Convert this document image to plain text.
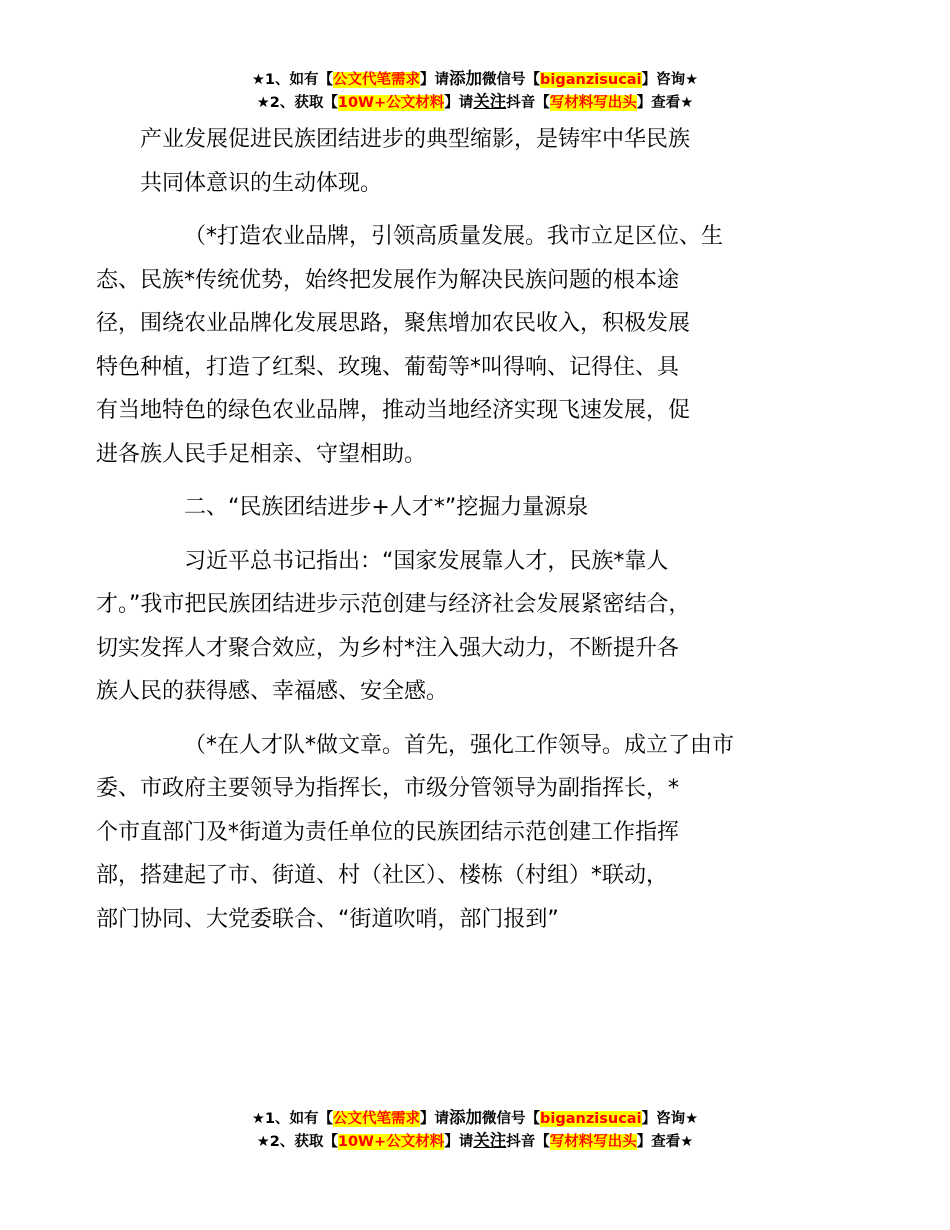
★1、如有【公文代笔需求】请添加微信号【biganzisucai】咨询★
★2、获取【10W+公文材料】请关注抖音【写材料写出头】查看★

产业发展促进民族团结进步的典型缩影，是铸牢中华民族
共同体意识的生动体现。

（*打造农业品牌，引领高质量发展。我市立足区位、生
态、民族*传统优势，始终把发展作为解决民族问题的根本途
径，围绕农业品牌化发展思路，聚焦增加农民收入，积极发展
特色种植，打造了红梨、玫瑰、葡萄等*叫得响、记得住、具
有当地特色的绿色农业品牌，推动当地经济实现飞速发展，促
进各族人民手足相亲、守望相助。

二、“民族团结进步+人才*”挖掘力量源泉

习近平总书记指出：“国家发展靠人才，民族*靠人
才。”我市把民族团结进步示范创建与经济社会发展紧密结合，
切实发挥人才聚合效应，为乡村*注入强大动力，不断提升各
族人民的获得感、幸福感、安全感。

（*在人才队*做文章。首先，强化工作领导。成立了由市
委、市政府主要领导为指挥长，市级分管领导为副指挥长，*
个市直部门及*街道为责任单位的民族团结示范创建工作指挥
部，搭建起了市、街道、村（社区）、楼栋（村组）*联动，
部门协同、大党委联合、“街道吹哨，部门报到”

★1、如有【公文代笔需求】请添加微信号【biganzisucai】咨询★
★2、获取【10W+公文材料】请关注抖音【写材料写出头】查看★
